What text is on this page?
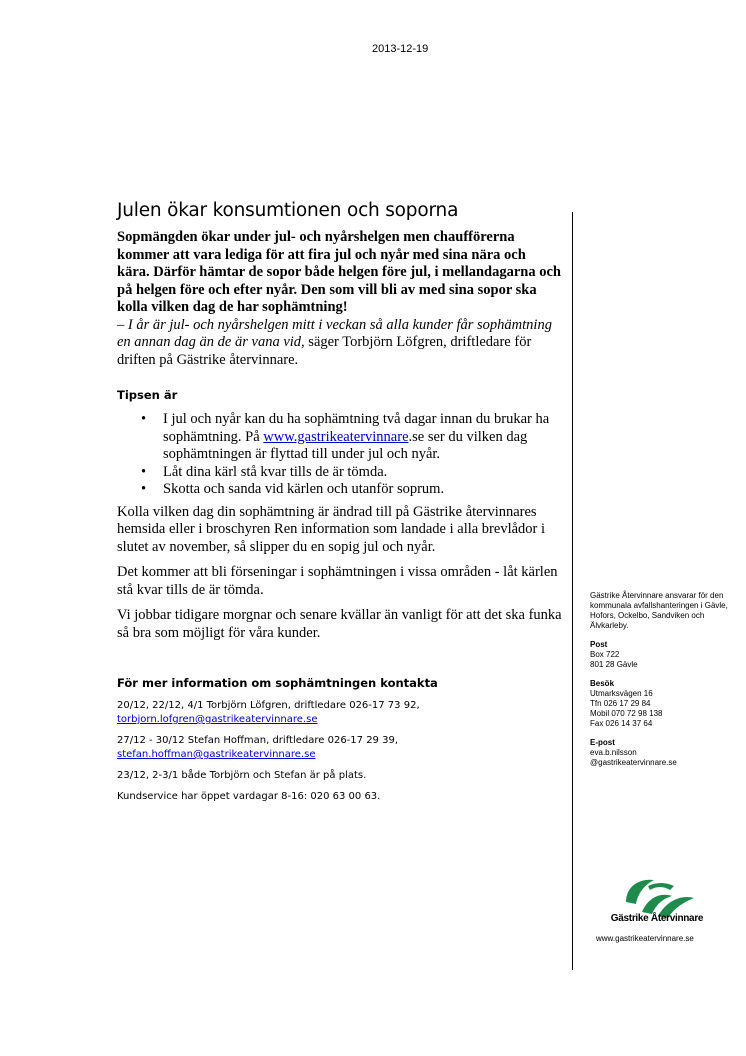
2013-12-19
Julen ökar konsumtionen och soporna

Sopmängden ökar under jul- och nyårshelgen men chaufförerna kommer att vara lediga för att fira jul och nyår med sina nära och kära. Därför hämtar de sopor både helgen före jul, i mellandagarna och på helgen före och efter nyår. Den som vill bli av med sina sopor ska kolla vilken dag de har sophämtning!

– I år är jul- och nyårshelgen mitt i veckan så alla kunder får sophämtning en annan dag än de är vana vid, säger Torbjörn Löfgren, driftledare för driften på Gästrike återvinnare.

Tipsen är

• I jul och nyår kan du ha sophämtning två dagar innan du brukar ha sophämtning. På www.gastrikeatervinnare.se ser du vilken dag sophämtningen är flyttad till under jul och nyår.
• Låt dina kärl stå kvar tills de är tömda.
• Skotta och sanda vid kärlen och utanför soprum.

Kolla vilken dag din sophämtning är ändrad till på Gästrike återvinnares hemsida eller i broschyren Ren information som landade i alla brevlådor i slutet av november, så slipper du en sopig jul och nyår.

Det kommer att bli förseningar i sophämtningen i vissa områden - låt kärlen stå kvar tills de är tömda.

Vi jobbar tidigare morgnar och senare kvällar än vanligt för att det ska funka så bra som möjligt för våra kunder.

För mer information om sophämtningen kontakta

20/12, 22/12, 4/1 Torbjörn Löfgren, driftledare 026-17 73 92,
torbjorn.lofgren@gastrikeatervinnare.se

27/12 - 30/12 Stefan Hoffman, driftledare 026-17 29 39,
stefan.hoffman@gastrikeatervinnare.se

23/12, 2-3/1 både Torbjörn och Stefan är på plats.

Kundservice har öppet vardagar 8-16: 020 63 00 63.

Gästrike Återvinnare ansvarar för den kommunala avfallshanteringen i Gävle, Hofors, Ockelbo, Sandviken och Älvkarleby.

Post
Box 722
801 28 Gävle

Besök
Utmarksvägen 16
Tfn 026 17 29 84
Mobil 070 72 98 138
Fax 026 14 37 64

E-post
eva.b.nilsson
@gastrikeatervinnare.se

Gästrike Återvinnare
www.gastrikeatervinnare.se
